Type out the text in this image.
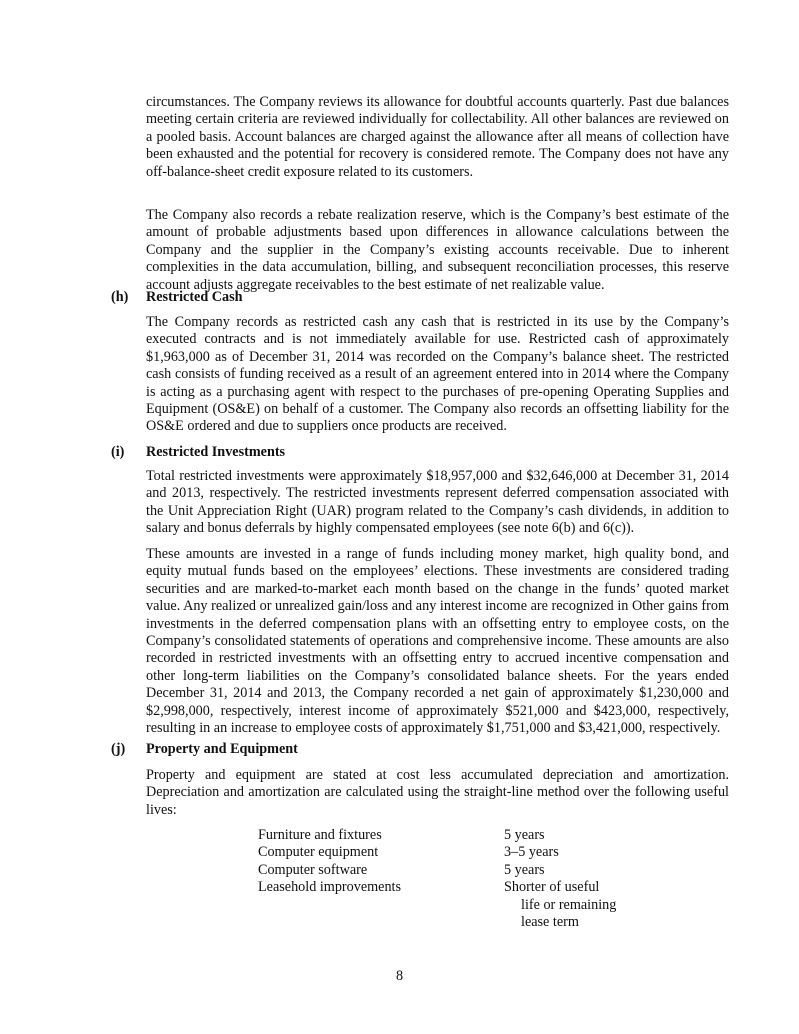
circumstances. The Company reviews its allowance for doubtful accounts quarterly. Past due balances meeting certain criteria are reviewed individually for collectability. All other balances are reviewed on a pooled basis. Account balances are charged against the allowance after all means of collection have been exhausted and the potential for recovery is considered remote. The Company does not have any off-balance-sheet credit exposure related to its customers.

The Company also records a rebate realization reserve, which is the Company’s best estimate of the amount of probable adjustments based upon differences in allowance calculations between the Company and the supplier in the Company’s existing accounts receivable. Due to inherent complexities in the data accumulation, billing, and subsequent reconciliation processes, this reserve account adjusts aggregate receivables to the best estimate of net realizable value.

(h)	Restricted Cash

The Company records as restricted cash any cash that is restricted in its use by the Company’s executed contracts and is not immediately available for use. Restricted cash of approximately $1,963,000 as of December 31, 2014 was recorded on the Company’s balance sheet. The restricted cash consists of funding received as a result of an agreement entered into in 2014 where the Company is acting as a purchasing agent with respect to the purchases of pre-opening Operating Supplies and Equipment (OS&E) on behalf of a customer. The Company also records an offsetting liability for the OS&E ordered and due to suppliers once products are received.

(i)	Restricted Investments

Total restricted investments were approximately $18,957,000 and $32,646,000 at December 31, 2014 and 2013, respectively. The restricted investments represent deferred compensation associated with the Unit Appreciation Right (UAR) program related to the Company’s cash dividends, in addition to salary and bonus deferrals by highly compensated employees (see note 6(b) and 6(c)).

These amounts are invested in a range of funds including money market, high quality bond, and equity mutual funds based on the employees’ elections. These investments are considered trading securities and are marked-to-market each month based on the change in the funds’ quoted market value. Any realized or unrealized gain/loss and any interest income are recognized in Other gains from investments in the deferred compensation plans with an offsetting entry to employee costs, on the Company’s consolidated statements of operations and comprehensive income. These amounts are also recorded in restricted investments with an offsetting entry to accrued incentive compensation and other long-term liabilities on the Company’s consolidated balance sheets. For the years ended December 31, 2014 and 2013, the Company recorded a net gain of approximately $1,230,000 and $2,998,000, respectively, interest income of approximately $521,000 and $423,000, respectively, resulting in an increase to employee costs of approximately $1,751,000 and $3,421,000, respectively.

(j)	Property and Equipment

Property and equipment are stated at cost less accumulated depreciation and amortization. Depreciation and amortization are calculated using the straight-line method over the following useful lives:

Furniture and fixtures	5 years
Computer equipment	3–5 years
Computer software	5 years
Leasehold improvements	Shorter of useful
life or remaining
lease term
8
